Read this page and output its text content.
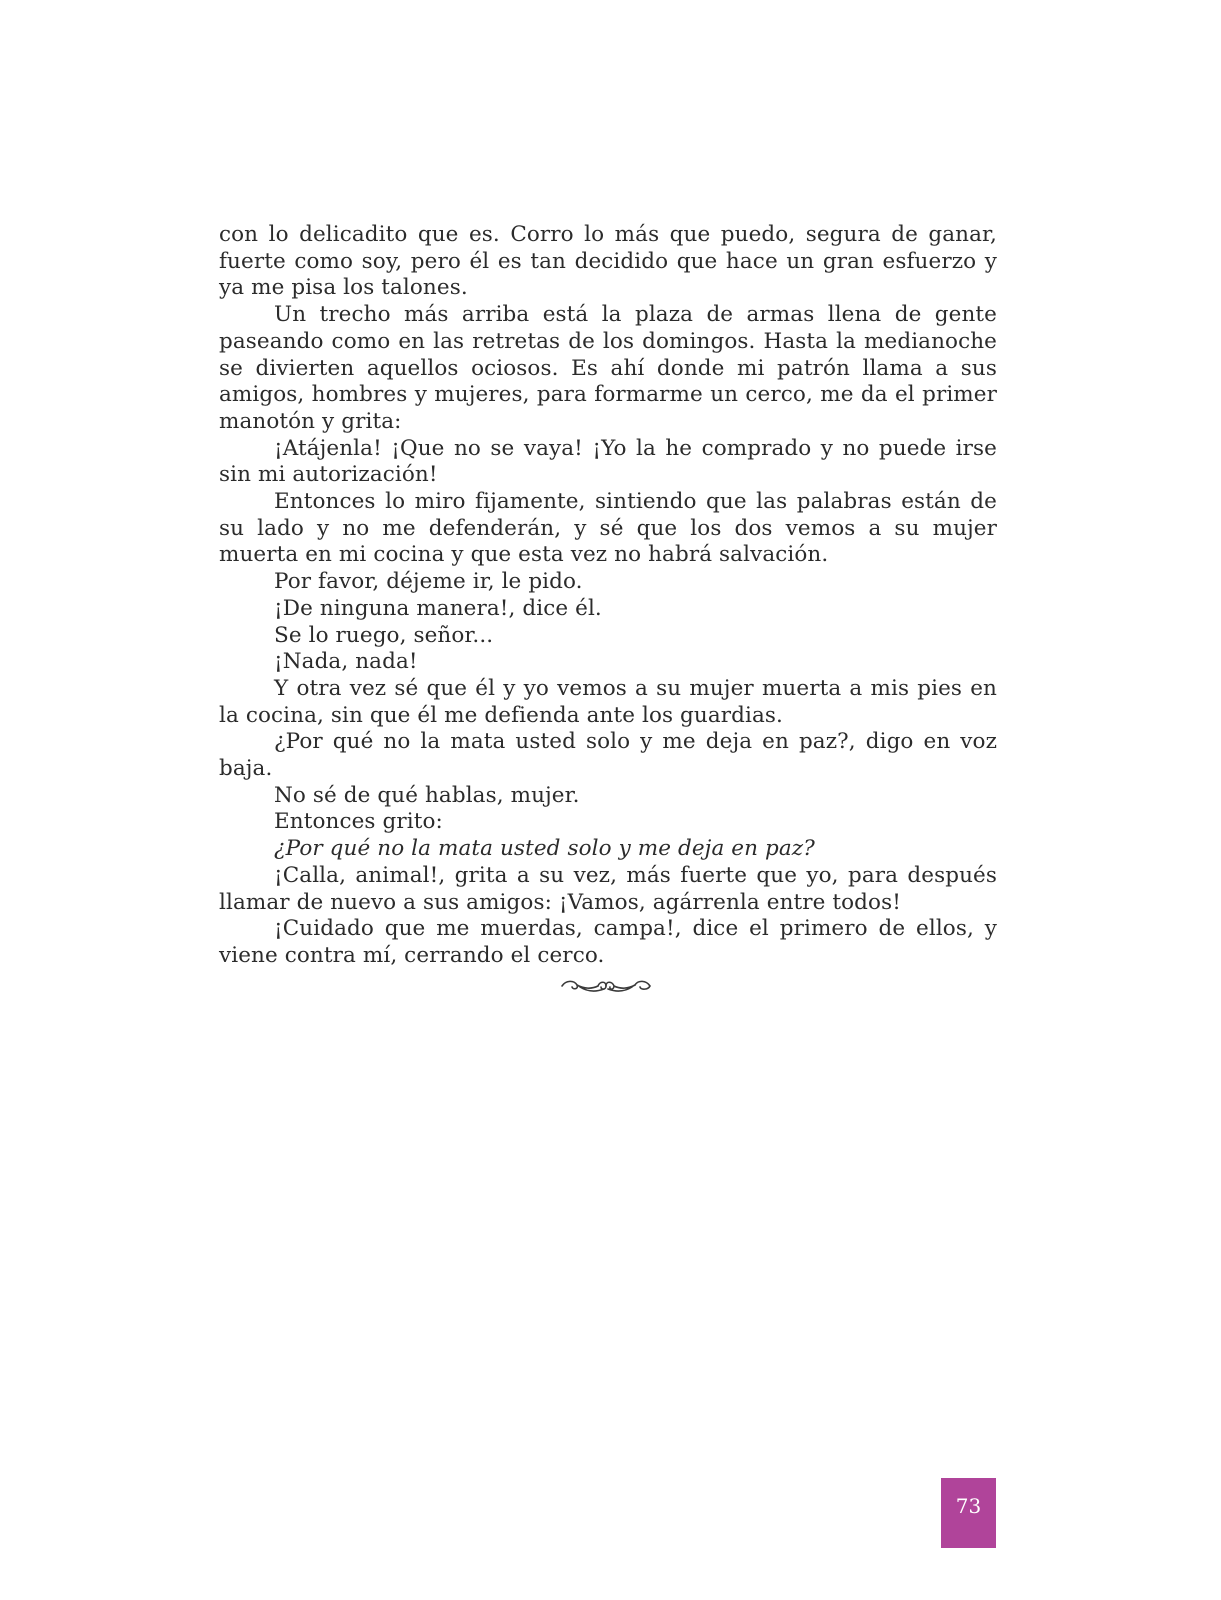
con lo delicadito que es. Corro lo más que puedo, segura de ganar, fuerte como soy, pero él es tan decidido que hace un gran esfuerzo y ya me pisa los talones.

Un trecho más arriba está la plaza de armas llena de gente paseando como en las retretas de los domingos. Hasta la medianoche se divierten aquellos ociosos. Es ahí donde mi patrón llama a sus amigos, hombres y mujeres, para formarme un cerco, me da el primer manotón y grita:

¡Atájenla! ¡Que no se vaya! ¡Yo la he comprado y no puede irse sin mi autorización!

Entonces lo miro fijamente, sintiendo que las palabras están de su lado y no me defenderán, y sé que los dos vemos a su mujer muerta en mi cocina y que esta vez no habrá salvación.

Por favor, déjeme ir, le pido.

¡De ninguna manera!, dice él.

Se lo ruego, señor...

¡Nada, nada!

Y otra vez sé que él y yo vemos a su mujer muerta a mis pies en la cocina, sin que él me defienda ante los guardias.

¿Por qué no la mata usted solo y me deja en paz?, digo en voz baja.

No sé de qué hablas, mujer.

Entonces grito:

¿Por qué no la mata usted solo y me deja en paz?

¡Calla, animal!, grita a su vez, más fuerte que yo, para después llamar de nuevo a sus amigos: ¡Vamos, agárrenla entre todos!

¡Cuidado que me muerdas, campa!, dice el primero de ellos, y viene contra mí, cerrando el cerco.

73
